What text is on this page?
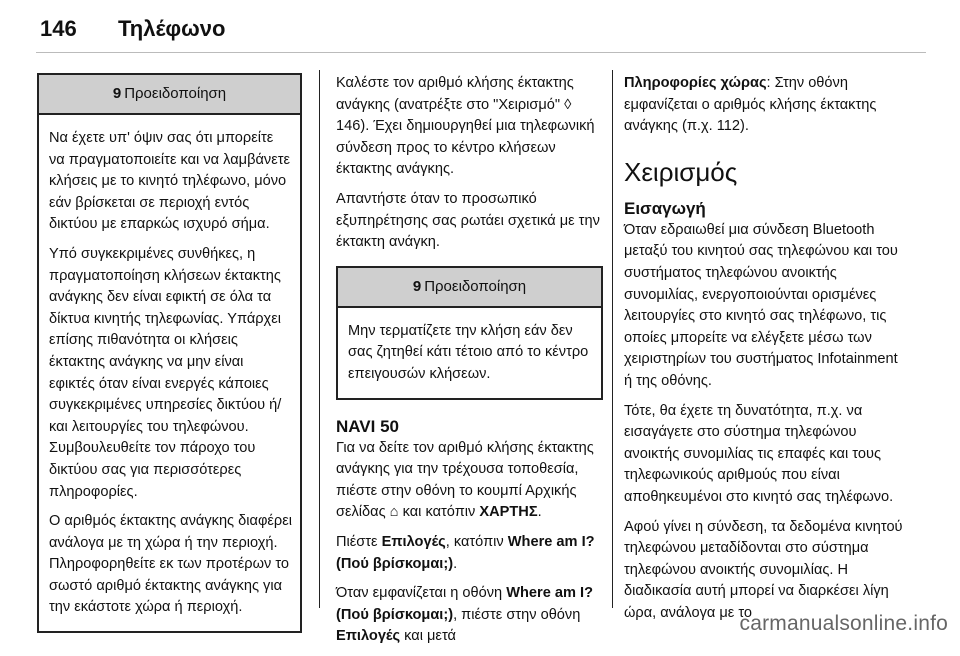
146 Τηλέφωνο
9 Προειδοποίηση

Να έχετε υπ' όψιν σας ότι μπορείτε να πραγματοποιείτε και να λαμβάνετε κλήσεις με το κινητό τηλέφωνο, μόνο εάν βρίσκεται σε περιοχή εντός δικτύου με επαρκώς ισχυρό σήμα.

Υπό συγκεκριμένες συνθήκες, η πραγματοποίηση κλήσεων έκτακτης ανάγκης δεν είναι εφικτή σε όλα τα δίκτυα κινητής τηλεφωνίας. Υπάρχει επίσης πιθανότητα οι κλήσεις έκτακτης ανάγκης να μην είναι εφικτές όταν είναι ενεργές κάποιες συγκεκριμένες υπηρεσίες δικτύου ή/και λειτουργίες του τηλεφώνου. Συμβουλευθείτε τον πάροχο του δικτύου σας για περισσότερες πληροφορίες.

Ο αριθμός έκτακτης ανάγκης διαφέρει ανάλογα με τη χώρα ή την περιοχή. Πληροφορηθείτε εκ των προτέρων το σωστό αριθμό έκτακτης ανάγκης για την εκάστοτε χώρα ή περιοχή.

Καλέστε τον αριθμό κλήσης έκτακτης ανάγκης (ανατρέξτε στο "Χειρισμό" ◊ 146). Έχει δημιουργηθεί μια τηλεφωνική σύνδεση προς το κέντρο κλήσεων έκτακτης ανάγκης.

Απαντήστε όταν το προσωπικό εξυπηρέτησης σας ρωτάει σχετικά με την έκτακτη ανάγκη.

9 Προειδοποίηση

Μην τερματίζετε την κλήση εάν δεν σας ζητηθεί κάτι τέτοιο από το κέντρο επειγουσών κλήσεων.

NAVI 50

Για να δείτε τον αριθμό κλήσης έκτακτης ανάγκης για την τρέχουσα τοποθεσία, πιέστε στην οθόνη το κουμπί Αρχικής σελίδας ⌂ και κατόπιν ΧΑΡΤΗΣ.

Πιέστε Επιλογές, κατόπιν Where am I? (Πού βρίσκομαι;).

Όταν εμφανίζεται η οθόνη Where am I? (Πού βρίσκομαι;), πιέστε στην οθόνη Επιλογές και μετά

Πληροφορίες χώρας: Στην οθόνη εμφανίζεται ο αριθμός κλήσης έκτακτης ανάγκης (π.χ. 112).

Χειρισμός
Εισαγωγή

Όταν εδραιωθεί μια σύνδεση Bluetooth μεταξύ του κινητού σας τηλεφώνου και του συστήματος τηλεφώνου ανοικτής συνομιλίας, ενεργοποιούνται ορισμένες λειτουργίες στο κινητό σας τηλέφωνο, τις οποίες μπορείτε να ελέγξετε μέσω των χειριστηρίων του συστήματος Infotainment ή της οθόνης.

Τότε, θα έχετε τη δυνατότητα, π.χ. να εισαγάγετε στο σύστημα τηλεφώνου ανοικτής συνομιλίας τις επαφές και τους τηλεφωνικούς αριθμούς που είναι αποθηκευμένοι στο κινητό σας τηλέφωνο.

Αφού γίνει η σύνδεση, τα δεδομένα κινητού τηλεφώνου μεταδίδονται στο σύστημα τηλεφώνου ανοικτής συνομιλίας. Η διαδικασία αυτή μπορεί να διαρκέσει λίγη ώρα, ανάλογα με το

carmanualsonline.info
